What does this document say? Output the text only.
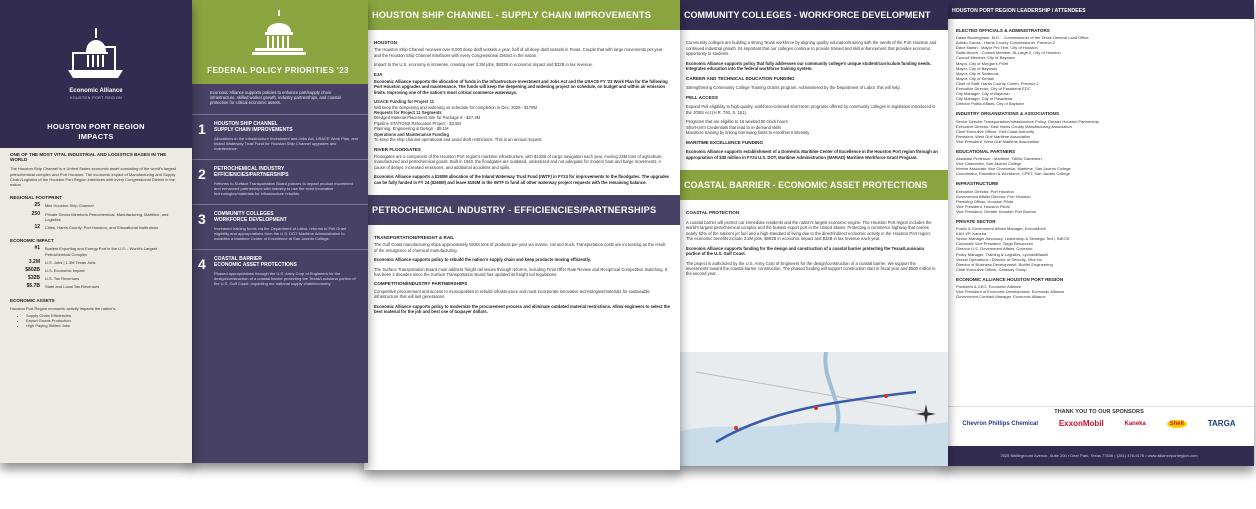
HOUSTON PORT REGION LEADERSHIP / ATTENDEES
ELECTED OFFICIALS & ADMINISTRATORS
Dawn Buckingham, M.D. - Commissioner of the Texas General Land Office
Adrian Garcia - Harris County Commissioner, Precinct 2
Dave Martin - Mayor Pro Tem, City of Houston
Sallie Alcorn - Council Member, At-Large 2, City of Houston
Council Member, City of Baytown
Mayor, City of Morgan's Point
Mayor, City of Baytown
Mayor, City of Seabrook
Mayor, City of Kemah
Chief of Staff, Harris County Comm. Precinct 2
Executive Director, City of Pasadena EDC
City Manager, City of Baytown
City Manager, City of Pasadena
Director Public Affairs, City of Baytown
INDUSTRY ORGANIZATIONS & ASSOCIATIONS
Senior Director Transportation/Infrastructure Policy, Greater Houston Partnership
Executive Director, East Harris County Manufacturing Association
Chief Executive Officer, Gulf Coast Authority
President, West Gulf Maritime Association
Vice President, West Gulf Maritime Association
EDUCATIONAL PARTNERS
Assistant Professor - Maritime, TAMU Galveston
Vice Chancellor, San Jacinto College
Interim Associate Vice Chancellor, Maritime, San Jacinto College
Coordinator, Education & Workforce, CPET, San Jacinto College
INFRASTRUCTURE
Executive Director, Port Houston
Government Affairs Director, Port Houston
Presiding Officer, Houston Pilots
Vice President, Houston Pilots
Vice President, Greater Houston Port Bureau
PRIVATE SECTOR
Public & Government Affairs Manager, ExxonMobil
KAH VP, Kaneka
Senior Manager Advocacy, Leadership & Strategic Tech, INEOS
Corporate Vice President, Targa Resources
Director U.S. Government Affairs, Covestro
Policy Manager, Training & Logistics, LyondellBasell
Vessel Operations / Director of Security, Vitol Inc.
Director of Business Development, Bohler Engineering
Chief Executive Officer, Caraway Group
ECONOMIC ALLIANCE HOUSTON PORT REGION
President & CEO, Economic Alliance
Vice President of Economic Development, Economic Alliance
Government Contract Manager, Economic Alliance
THANK YOU TO OUR SPONSORS
Chevron Phillips Chemical	ExxonMobil	Kaneka	Shell	TARGA
2525 Battleground Avenue, Suite 200 • Deer Park, Texas 77536 • (281) 476-9176 • www.allianceportregion.com
COMMUNITY COLLEGES - WORKFORCE DEVELOPMENT

Community colleges are building a strong Texas workforce by aligning quality education/training with the needs of the Port Houston and continued industrial growth. Its important that our colleges continue to provide trained and skill enhancement that provides economic opportunity to students.

Economic Alliance supports policy that fully addresses our community college's unique student/curriculum funding needs. Integrates education into the federal workforce training system.

CAREER AND TECHNICAL EDUCATION FUNDING

Strengthening Community College Training Grants program. Administered by the Department of Labor, this will help.

PELL ACCESS

Expand Pell eligibility to high-quality, workforce-oriented short-term programs offered by community colleges in legislation introduced in the JOBS Act (H.R. 793, S. 161).

Programs that are eligible to 16 weeks/150 clock hours
Short-term Credentials that lead to in-demand skills
Maximize training by linking borrowing limits to enrollment intensity
MARITIME EXCELLENCE FUNDING

Economic Alliance supports establishment of a Domestic Maritime Center of Excellence in the Houston Port region through an appropriation of $30 million in FY24 U.S. DOT, Maritime Administration (MARAD) Maritime Workforce Grant Program.

COASTAL BARRIER - ECONOMIC ASSET PROTECTIONS
COASTAL PROTECTION

A coastal barrier will protect our immediate residents and the nation's largest economic engine. The Houston Port region includes the world's largest petrochemical complex and the busiest export port in the United States. Protecting a commerce highway that carries nearly 52% of the nation's jet fuel and a high standard of living due to the direct/indirect economic activity in the Houston Port region. The economic benefits include 3.2M jobs, $802B in economic impact and $32B in tax revenue each year.

Economic Alliance supports funding for the design and construction of a coastal barrier protecting the Texas/Louisiana portion of the U.S. Gulf Coast.

The project is authorized by the U.S. Army Corp of Engineers for the design/construction of a coastal barrier. We support the investments toward the coastal barrier construction. The phased funding will support construction start in fiscal year and $500 million in the second year.

HOUSTON SHIP CHANNEL - SUPPLY CHAIN IMPROVEMENTS
HOUSTON

The Houston Ship Channel receives over 8,000 deep draft vessels a year, half of all deep draft vessels in Texas. Couple that with large movements per year and the Houston Ship Channel interfaces with every Congressional District in the nation.

Impact to the U.S. economy is immense, creating over 3.2M jobs, $802B in economic impact and $32B in tax revenue.

IIJA

Economic Alliance supports the allocation of funds in the Infrastructure Investment and Jobs Act and the USACE FY '23 Work Plan for the following Port Houston upgrades and maintenance. The funds will keep the deepening and widening project on schedule, on budget and within air emission limits. Improving one of the nation's most critical commerce waterways.

USACE Funding for Project 11
Will keep the deepening and widening on schedule for completion in Dec. 2025 - $178M
Requests for Project 11 Segments
Dredged Material Placement Site for Package 8 - $27.3M
Pipeline STATIONS Relocation Project - $3.5M
Planning, Engineering & Design - $5.1M
Operations and Maintenance Funding
To keep the ship channel operational and avoid draft restrictions. This is an annual request.
RIVER FLOODGATES

Floodgates are a component of the Houston Port region's maritime infrastructure, with $132B of cargo navigation each year, moving 23M tons of agriculture, manufactured and petrochemical goods. Built in 1940, the floodgates are outdated, undersized and not adequate for modern boat and barge movements. A cause of delays, increased emissions, and additional accidents and spills.

Economic Alliance supports a $260M allocation of the Inland Waterway Trust Fund (IWTF) in FY24 for improvements to the floodgates. The upgrades can be fully funded in FY 24 ($260M) and leave $192M in the IWTF to fund all other waterway project requests with the remaining balance.

PETROCHEMICAL INDUSTRY - EFFICIENCIES/PARTNERSHIPS
TRANSPORTATION/FREIGHT & RAIL

The Gulf Coast manufacturing ships approximately 592M tons of products per year via marine, rail and truck. Transportation costs are increasing as the result of the resurgence of chemical manufacturing.

Economic Alliance supports policy to rebuild the nation's supply chain and keep products moving efficiently.

The Surface Transportation Board must address freight rail issues through reforms, including Final Offer Rate Review and Reciprocal Competitive Switching. It has been 4 decades since the Surface Transportation Board has updated its freight rail regulations.

COMPETITION/INDUSTRY PARTNERSHIPS

Competitive procurement and access to municipalities to rebuild infrastructure and must incorporate innovative technologies/materials for sustainable infrastructure that will last generations.

Economic Alliance supports policy to modernize the procurement process and eliminate outdated material restrictions. Allow engineers to select the best material for the job and best use of taxpayer dollars.

FEDERAL POLICY PRIORITIES '23
Economic Alliance supports policies to enhance port/supply chain infrastructure, skilled worker growth, industry partnerships, and coastal protection for critical economic assets.
1	HOUSTON SHIP CHANNEL
SUPPLY CHAIN IMPROVEMENTS
Allocations in the Infrastructure Investment and Jobs Act, USACE Work Plan, and Inland Waterway Trust Fund for Houston Ship Channel upgrades and maintenance.
2	PETROCHEMICAL INDUSTRY
EFFICIENCIES/PARTNERSHIPS
Reforms to Surface Transportation Board policies to impact product movement and enhanced partnerships with industry to use the most innovative technologies/materials for infrastructure rebuilds.
3	COMMUNITY COLLEGES
WORKFORCE DEVELOPMENT
Increased training funds via the Department of Labor, reforms to Pell Grant eligibility and appropriations from the U.S. DOT Maritime Administration to establish a Maritime Center of Excellence at San Jacinto College.
4	COASTAL BARRIER
ECONOMIC ASSET PROTECTIONS
Phased appropriations through the U.S. Army Corp of Engineers for the design/construction of a coastal barrier protecting the Texas/Louisiana portion of the U.S. Gulf Coast, impacting our national supply chain/economy.
Economic Alliance
HOUSTON PORT REGION
HOUSTON PORT REGION
IMPACTS
ONE OF THE MOST VITAL INDUSTRIAL AND LOGISTICS BASES IN THE WORLD
The Houston Ship Channel is a United States economic asset consisting of the world's largest petrochemical complex and Port Houston. The economic impact of Manufacturing and Supply Chain/Logistics of the Houston Port Region interfaces with every Congressional District in the nation.
REGIONAL FOOTPRINT
25	Mile Houston Ship Channel
250	Private Sector Members Petrochemical, Manufacturing, Maritime, and Logistics
12	Cities, Harris County, Port Houston, and Educational Institutions
ECONOMIC IMPACT
#1	Busiest Exporting and Energy Port in the U.S. - World's Largest Petrochemical Complex
3.2M	U.S. Jobs | 1.3M Texas Jobs
$802B	U.S. Economic Impact
$32B	U.S. Tax Revenues
$5.7B	State and Local Tax Revenues
ECONOMIC ASSETS
Houston Port Region economic activity impacts the nation's:
• Supply Chain Efficiencies
• Export Goods Production
• High Paying Skilled Jobs
